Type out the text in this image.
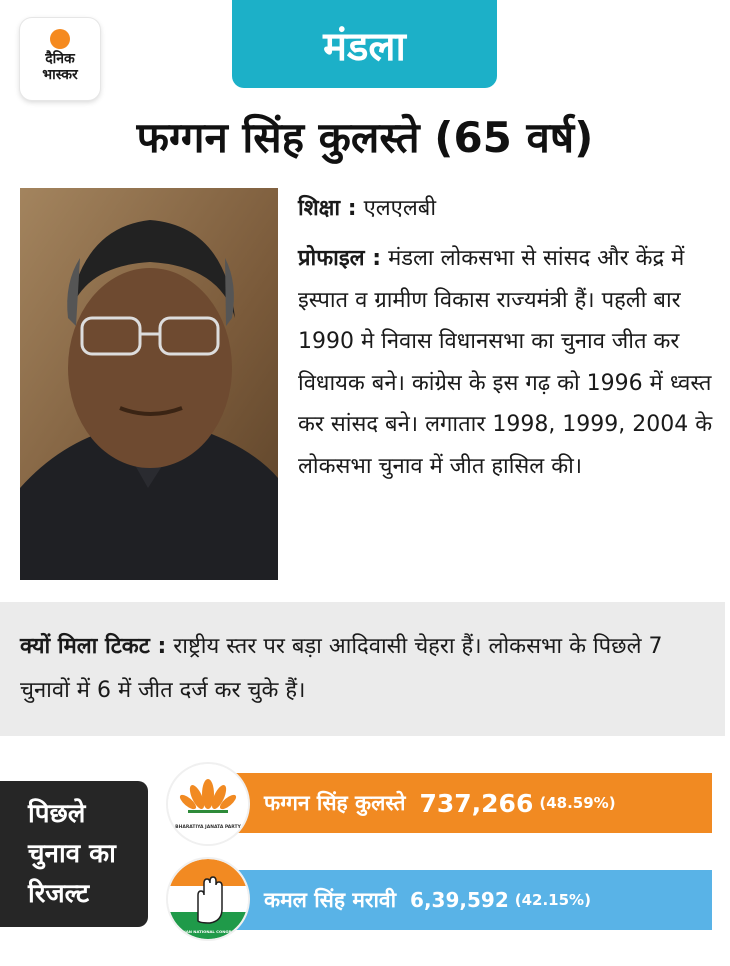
दैनिक
भास्कर
मंडला
फग्गन सिंह कुलस्ते (65 वर्ष)
शिक्षा : एलएलबी
प्रोफाइल : मंडला लोकसभा से सांसद और केंद्र में इस्पात व ग्रामीण विकास राज्यमंत्री हैं। पहली बार 1990 मे निवास विधानसभा का चुनाव जीत कर विधायक बने। कांग्रेस के इस गढ़ को 1996 में ध्वस्त कर सांसद बने। लगातार 1998, 1999, 2004 के लोकसभा चुनाव में जीत हासिल की।
क्यों मिला टिकट : राष्ट्रीय स्तर पर बड़ा आदिवासी चेहरा हैं। लोकसभा के पिछले 7 चुनावों में 6 में जीत दर्ज कर चुके हैं।
पिछले
चुनाव का
रिजल्ट
फग्गन सिंह कुलस्ते 737,266 (48.59%)
BHARATIYA JANATA PARTY
कमल सिंह मरावी 6,39,592 (42.15%)
INDIAN NATIONAL CONGRESS
